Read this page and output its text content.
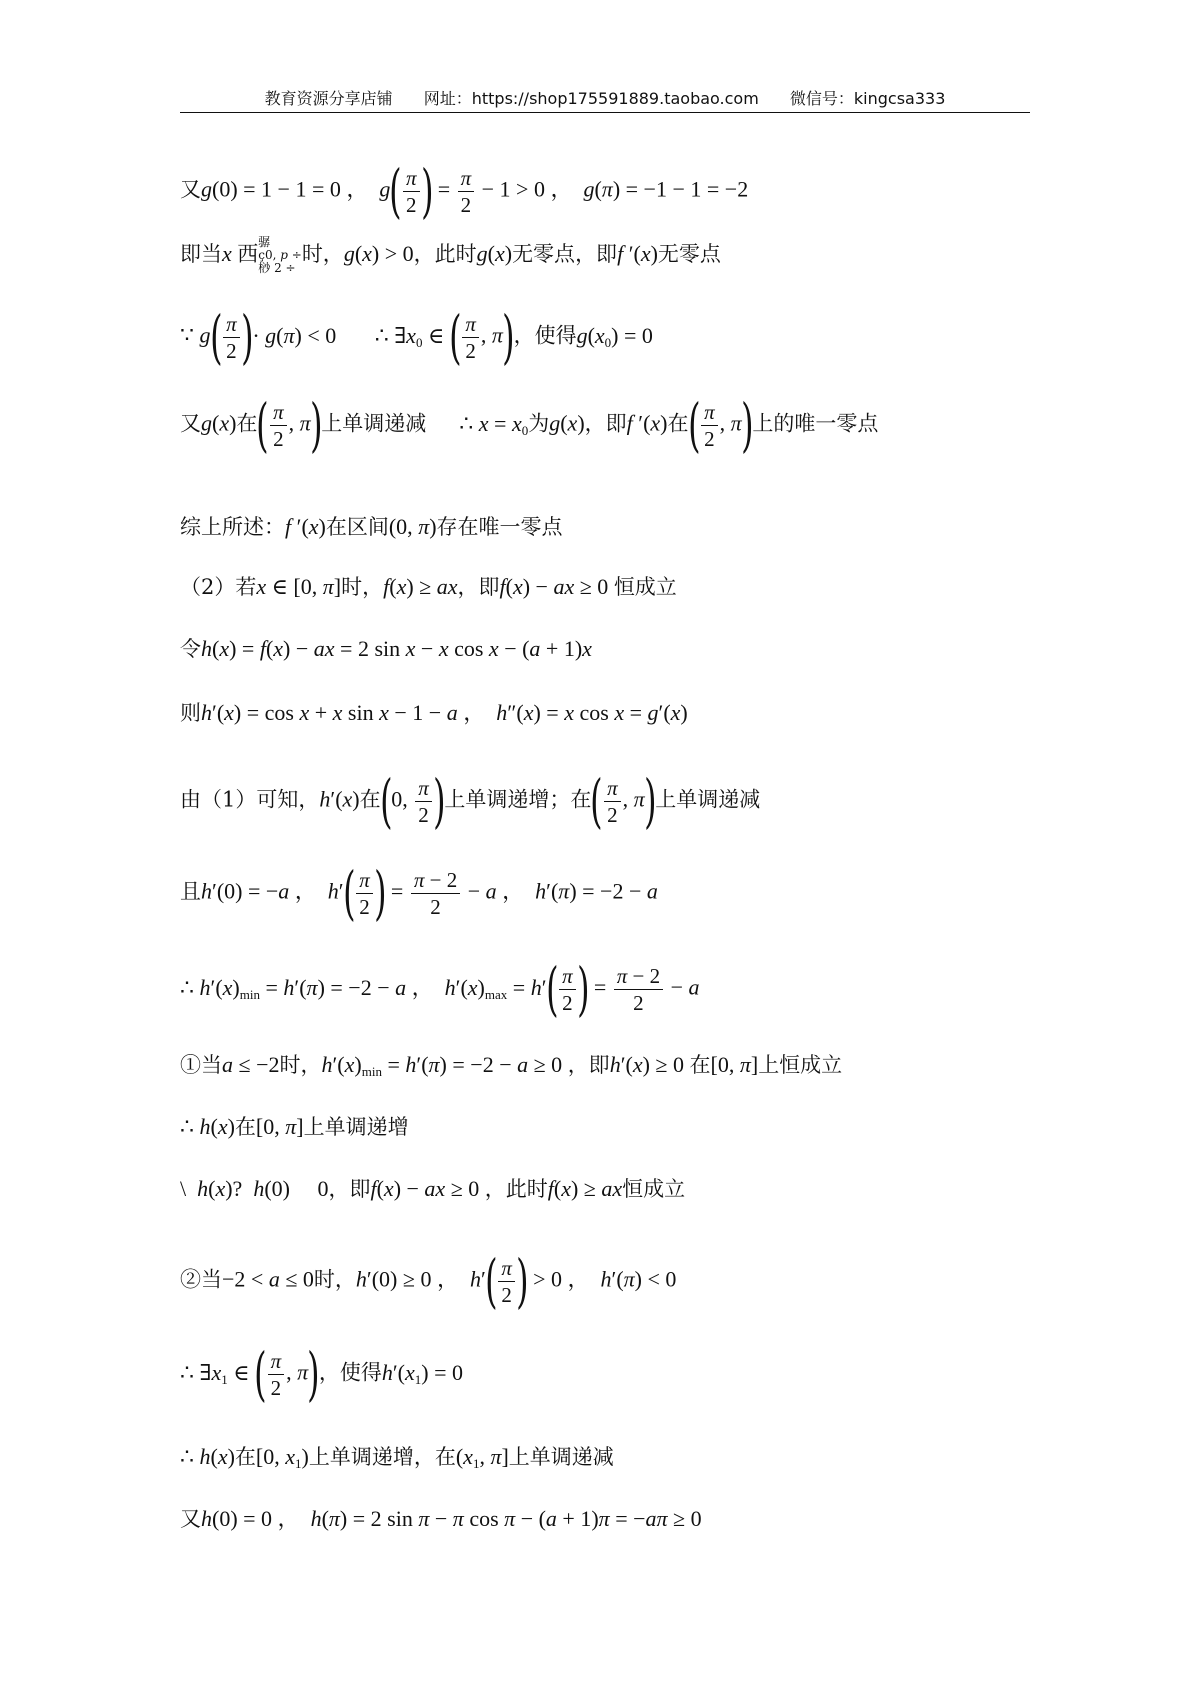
教育资源分享店铺 网址：https://shop175591889.taobao.com 微信号：kingcsa333
又g(0) = 1 − 1 = 0 ，  $g( \frac{\pi}{2}$ ) = $\frac{\pi}{2} - 1 > 0$ ，  g(π) = −1 − 1 = −2
即当x 西骣
ç0, p ÷
桫 2 ÷时，g(x) > 0，此时g(x)无零点，即f ′(x)无零点
∵ $g( \frac{\pi}{2}$ )· g(π) < 0       ∴ $\exists x_0$ ∈ ( $\frac{\pi}{2}$ , π)，使得$g(x_0) = 0$
又g(x)在( $\frac{\pi}{2}$ , π)上单调递减      ∴ $x = x_0$为g(x)，即f ′(x)在( $\frac{\pi}{2}$ , π)上的唯一零点
综上所述：f ′(x)在区间(0, π)存在唯一零点
（2）若x ∈ [0, π]时，f(x) ≥ ax，即f(x) − ax ≥ 0 恒成立
令h(x) = f(x) − ax = 2 sin x − x cos x − (a + 1)x
则h′(x) = cos x + x sin x − 1 − a ，  h″(x) = x cos x = g′(x)
由（1）可知，h′(x)在(0, $\frac{\pi}{2}$ )上单调递增；在( $\frac{\pi}{2}$ , π)上单调递减
且h′(0) = −a ，  $h'( \frac{\pi}{2}$ ) = $\frac{\pi - 2}{2} - a$ ，  h′(π) = −2 − a
∴ $h'(x)_{min} = h'(\pi) = -2 - a$ ，  $h'(x)_{max} = h'( \frac{\pi}{2}$ ) = $\frac{\pi - 2}{2} - a$
①当a ≤ −2时，$h'(x)_{min} = h'(\pi) = -2 - a \ge 0$ ，即h′(x) ≥ 0 在[0, π]上恒成立
∴ h(x)在[0, π]上单调递增
\  h(x)?  h(0)     0，即f(x) − ax ≥ 0 ，此时f(x) ≥ ax恒成立
②当−2 < a ≤ 0时，h′(0) ≥ 0 ，  $h'( \frac{\pi}{2}$ ) > 0 ，  h′(π) < 0
∴ $\exists x_1$ ∈ ( $\frac{\pi}{2}$ , π)，使得$h'(x_1) = 0$
∴ h(x)在[0, $x_1$)上单调递增，在($x_1$, π]上单调递减
又h(0) = 0 ，  h(π) = 2 sin π − π cos π − (a + 1)π = −aπ ≥ 0
